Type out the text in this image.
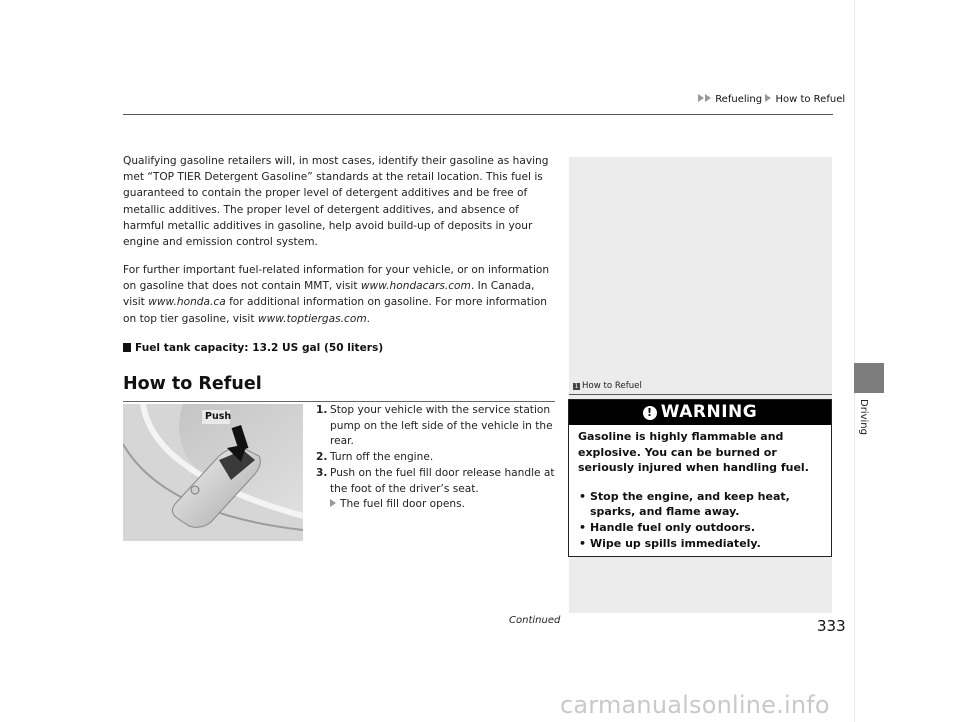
Refueling How to Refuel
Driving
Qualifying gasoline retailers will, in most cases, identify their gasoline as having met “TOP TIER Detergent Gasoline” standards at the retail location. This fuel is guaranteed to contain the proper level of detergent additives and be free of metallic additives. The proper level of detergent additives, and absence of harmful metallic additives in gasoline, help avoid build-up of deposits in your engine and emission control system.
For further important fuel-related information for your vehicle, or on information on gasoline that does not contain MMT, visit www.hondacars.com. In Canada, visit www.honda.ca for additional information on gasoline. For more information on top tier gasoline, visit www.toptiergas.com.
Fuel tank capacity: 13.2 US gal (50 liters)
How to Refuel
Push
1. Stop your vehicle with the service station pump on the left side of the vehicle in the rear.
2. Turn off the engine.
3. Push on the fuel fill door release handle at the foot of the driver’s seat.
The fuel fill door opens.
1 How to Refuel
! WARNING
Gasoline is highly flammable and explosive. You can be burned or seriously injured when handling fuel.
• Stop the engine, and keep heat, sparks, and flame away.
• Handle fuel only outdoors.
• Wipe up spills immediately.
Continued	333
carmanualsonline.info
